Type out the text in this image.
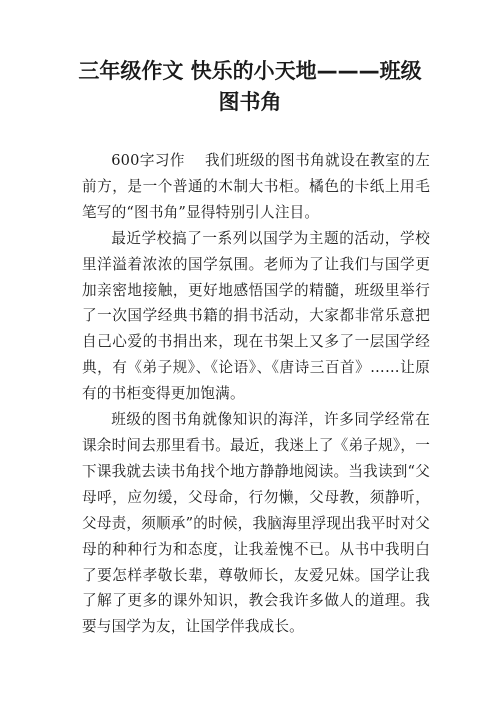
三年级作文 快乐的小天地———班级
图书角

600字习作　 我们班级的图书角就设在教室的左前方，是一个普通的木制大书柜。橘色的卡纸上用毛笔写的“图书角”显得特别引人注目。

最近学校搞了一系列以国学为主题的活动，学校里洋溢着浓浓的国学氛围。老师为了让我们与国学更加亲密地接触，更好地感悟国学的精髓，班级里举行了一次国学经典书籍的捐书活动，大家都非常乐意把自己心爱的书捐出来，现在书架上又多了一层国学经典，有《弟子规》、《论语》、《唐诗三百首》……让原有的书柜变得更加饱满。

班级的图书角就像知识的海洋，许多同学经常在课余时间去那里看书。最近，我迷上了《弟子规》，一下课我就去读书角找个地方静静地阅读。当我读到“父母呼，应勿缓，父母命，行勿懒，父母教，须静听，父母责，须顺承”的时候，我脑海里浮现出我平时对父母的种种行为和态度，让我羞愧不已。从书中我明白了要怎样孝敬长辈，尊敬师长，友爱兄妹。国学让我了解了更多的课外知识，教会我许多做人的道理。我要与国学为友，让国学伴我成长。
